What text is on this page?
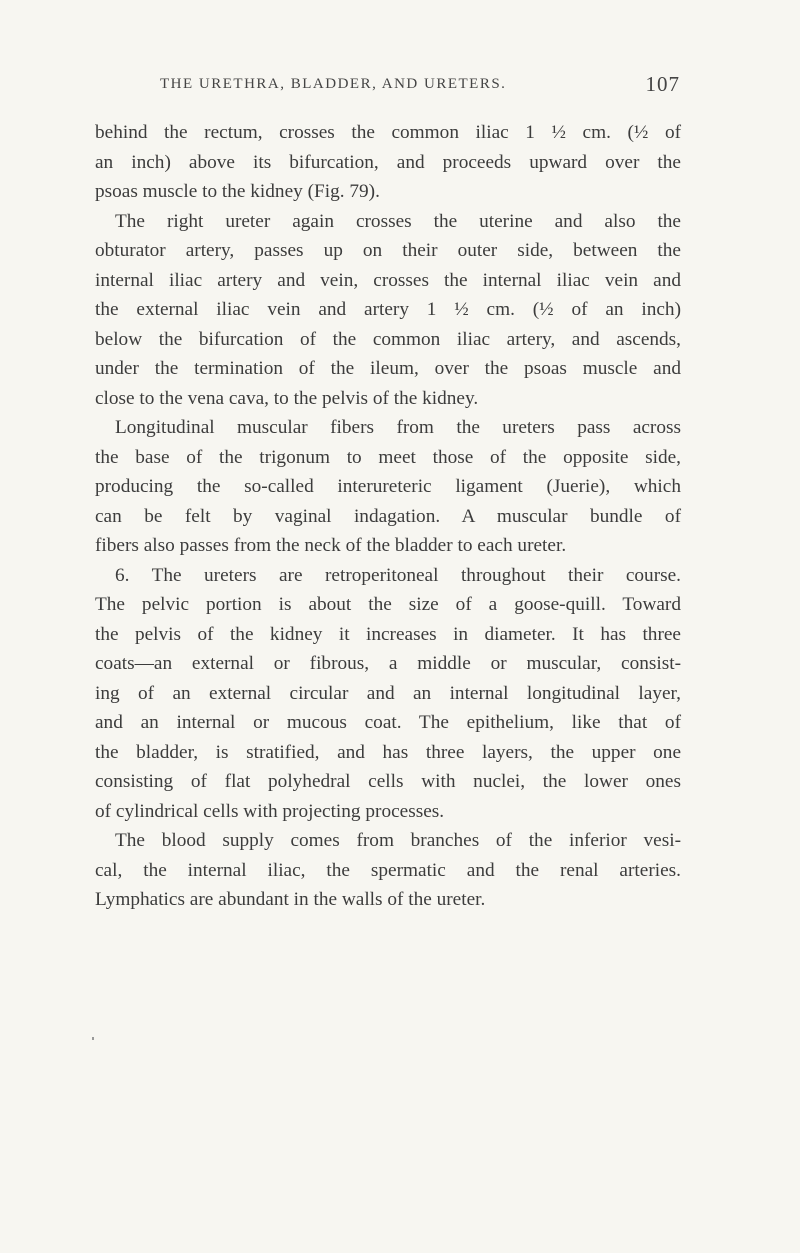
THE URETHRA, BLADDER, AND URETERS.	107
behind the rectum, crosses the common iliac 1 ½ cm. (½ of
an inch) above its bifurcation, and proceeds upward over the
psoas muscle to the kidney (Fig. 79).
The right ureter again crosses the uterine and also the
obturator artery, passes up on their outer side, between the
internal iliac artery and vein, crosses the internal iliac vein and
the external iliac vein and artery 1 ½ cm. (½ of an inch)
below the bifurcation of the common iliac artery, and ascends,
under the termination of the ileum, over the psoas muscle and
close to the vena cava, to the pelvis of the kidney.
Longitudinal muscular fibers from the ureters pass across
the base of the trigonum to meet those of the opposite side,
producing the so-called interureteric ligament (Juerie), which
can be felt by vaginal indagation. A muscular bundle of
fibers also passes from the neck of the bladder to each ureter.
6. The ureters are retroperitoneal throughout their course.
The pelvic portion is about the size of a goose-quill. Toward
the pelvis of the kidney it increases in diameter. It has three
coats—an external or fibrous, a middle or muscular, consist-
ing of an external circular and an internal longitudinal layer,
and an internal or mucous coat. The epithelium, like that of
the bladder, is stratified, and has three layers, the upper one
consisting of flat polyhedral cells with nuclei, the lower ones
of cylindrical cells with projecting processes.
The blood supply comes from branches of the inferior vesi-
cal, the internal iliac, the spermatic and the renal arteries.
Lymphatics are abundant in the walls of the ureter.
